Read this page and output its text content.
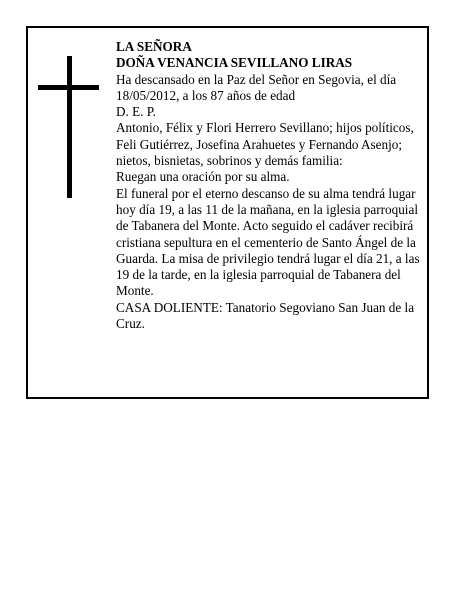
LA SEÑORA

DOÑA VENANCIA SEVILLANO LIRAS

Ha descansado en la Paz del Señor en Segovia, el día 18/05/2012, a los 87 años de edad

D. E. P.

Antonio, Félix y Flori Herrero Sevillano; hijos políticos, Feli Gutiérrez, Josefina Arahuetes y Fernando Asenjo; nietos, bisnietas, sobrinos y demás familia:

Ruegan una oración por su alma.

El funeral por el eterno descanso de su alma tendrá lugar hoy día 19, a las 11 de la mañana, en la iglesia parroquial de Tabanera del Monte. Acto seguido el cadáver recibirá cristiana sepultura en el cementerio de Santo Ángel de la Guarda. La misa de privilegio tendrá lugar el día 21, a las 19 de la tarde, en la iglesia parroquial de Tabanera del Monte.

CASA DOLIENTE: Tanatorio Segoviano San Juan de la Cruz.
